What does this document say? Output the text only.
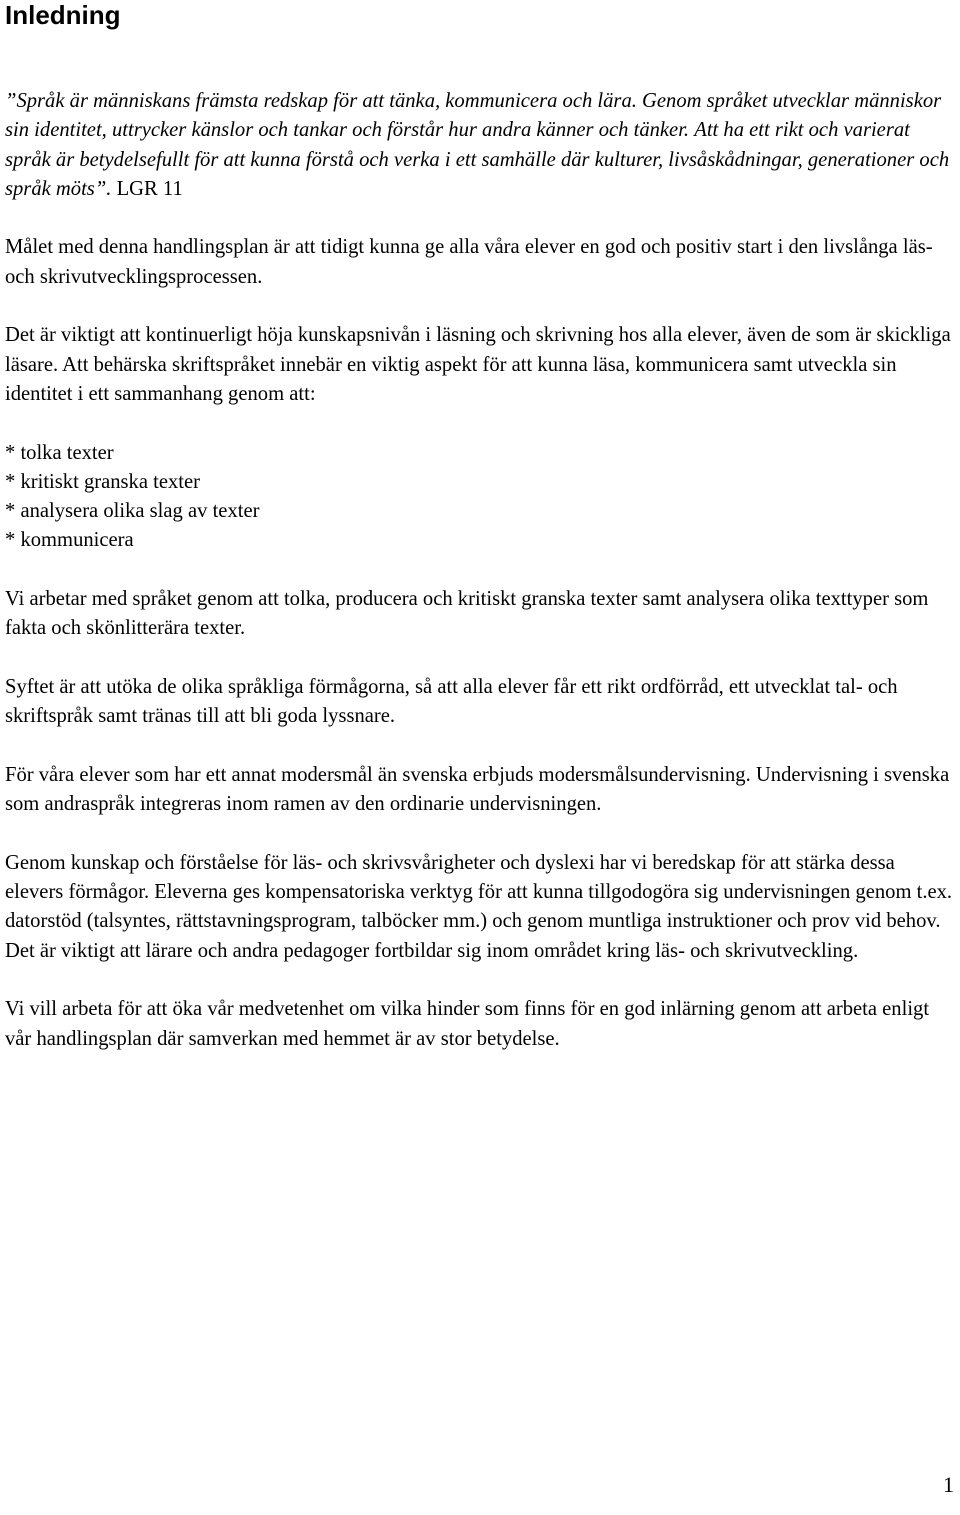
Inledning

”Språk är människans främsta redskap för att tänka, kommunicera och lära. Genom språket utvecklar människor sin identitet, uttrycker känslor och tankar och förstår hur andra känner och tänker. Att ha ett rikt och varierat språk är betydelsefullt för att kunna förstå och verka i ett samhälle där kulturer, livsåskådningar, generationer och språk möts”. LGR 11

Målet med denna handlingsplan är att tidigt kunna ge alla våra elever en god och positiv start i den livslånga läs- och skrivutvecklingsprocessen.

Det är viktigt att kontinuerligt höja kunskapsnivån i läsning och skrivning hos alla elever, även de som är skickliga läsare. Att behärska skriftspråket innebär en viktig aspekt för att kunna läsa, kommunicera samt utveckla sin identitet i ett sammanhang genom att:

* tolka texter
* kritiskt granska texter
* analysera olika slag av texter
* kommunicera

Vi arbetar med språket genom att tolka, producera och kritiskt granska texter samt analysera olika texttyper som fakta och skönlitterära texter.

Syftet är att utöka de olika språkliga förmågorna, så att alla elever får ett rikt ordförråd, ett utvecklat tal- och skriftspråk samt tränas till att bli goda lyssnare.

För våra elever som har ett annat modersmål än svenska erbjuds modersmålsundervisning. Undervisning i svenska som andraspråk integreras inom ramen av den ordinarie undervisningen.

Genom kunskap och förståelse för läs- och skrivsvårigheter och dyslexi har vi beredskap för att stärka dessa elevers förmågor. Eleverna ges kompensatoriska verktyg för att kunna tillgodogöra sig undervisningen genom t.ex. datorstöd (talsyntes, rättstavningsprogram, talböcker mm.) och genom muntliga instruktioner och prov vid behov.

Det är viktigt att lärare och andra pedagoger fortbildar sig inom området kring läs- och skrivutveckling.

Vi vill arbeta för att öka vår medvetenhet om vilka hinder som finns för en god inlärning genom att arbeta enligt vår handlingsplan där samverkan med hemmet är av stor betydelse.

1
